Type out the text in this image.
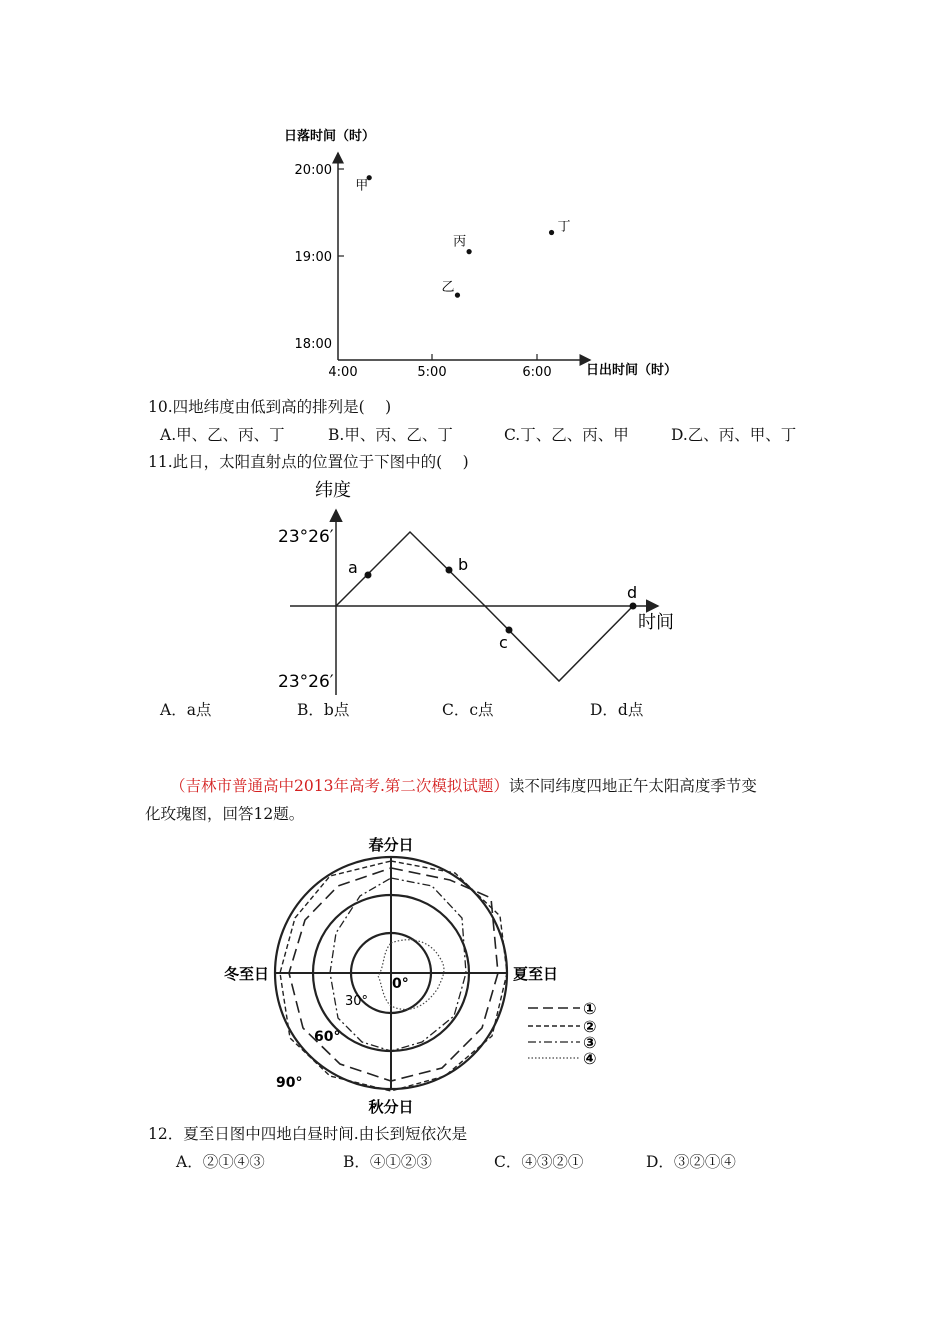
日落时间（时）
日出时间（时）
20:00
19:00
18:00
4:00	5:00	6:00
甲
乙
丙
丁
10.四地纬度由低到高的排列是(　 )
A.甲、乙、丙、丁	B.甲、丙、乙、丁	C.丁、乙、丙、甲	D.乙、丙、甲、丁
11.此日，太阳直射点的位置位于下图中的(　 )
纬度
时间
23°26′
23°26′
a	b
c
d
A．a点	B．b点	C．c点	D．d点
（吉林市普通高中2013年高考.第二次模拟试题）读不同纬度四地正午太阳高度季节变
化玫瑰图，回答12题。
春分日
夏至日
秋分日
冬至日
0°
30°
60°
90°
①
②
③
④
12．夏至日图中四地白昼时间.由长到短依次是
A．②①④③	B．④①②③	C．④③②①	D．③②①④
